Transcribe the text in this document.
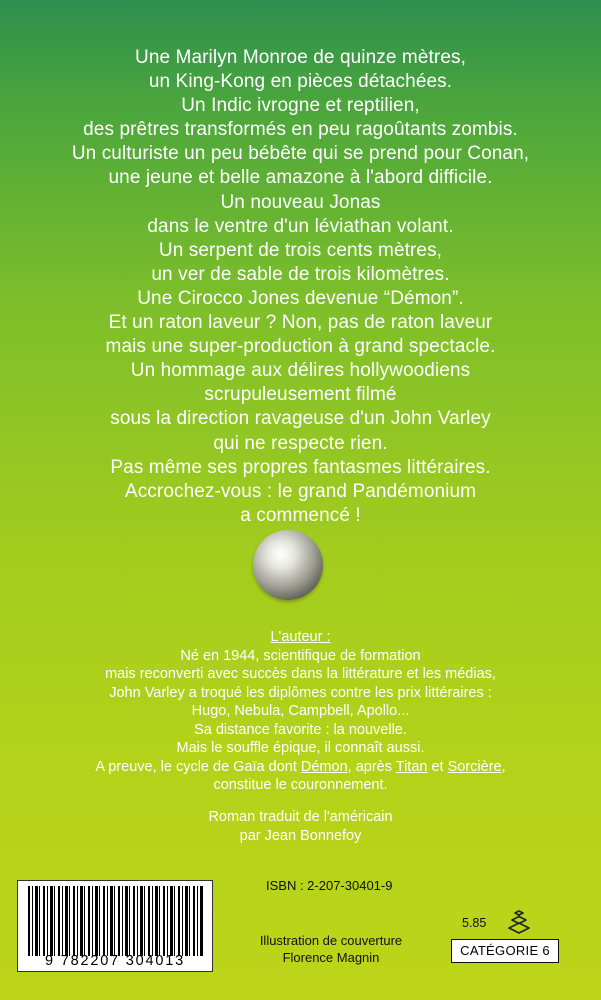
Une Marilyn Monroe de quinze mètres,
un King-Kong en pièces détachées.
Un Indic ivrogne et reptilien,
des prêtres transformés en peu ragoûtants zombis.
Un culturiste un peu bébête qui se prend pour Conan,
une jeune et belle amazone à l'abord difficile.
Un nouveau Jonas
dans le ventre d'un léviathan volant.
Un serpent de trois cents mètres,
un ver de sable de trois kilomètres.
Une Cirocco Jones devenue “Démon”.
Et un raton laveur ? Non, pas de raton laveur
mais une super-production à grand spectacle.
Un hommage aux délires hollywoodiens
scrupuleusement filmé
sous la direction ravageuse d'un John Varley
qui ne respecte rien.
Pas même ses propres fantasmes littéraires.
Accrochez-vous : le grand Pandémonium
a commencé !
L'auteur :
Né en 1944, scientifique de formation
mais reconverti avec succès dans la littérature et les médias,
John Varley a troqué les diplômes contre les prix littéraires :
Hugo, Nebula, Campbell, Apollo...
Sa distance favorite : la nouvelle.
Mais le souffle épique, il connaît aussi.
A preuve, le cycle de Gaïa dont Démon, après Titan et Sorcière,
constitue le couronnement.
Roman traduit de l'américain
par Jean Bonnefoy
9 782207 304013
ISBN : 2-207-30401-9
Illustration de couverture
Florence Magnin
5.85
CATÉGORIE 6
